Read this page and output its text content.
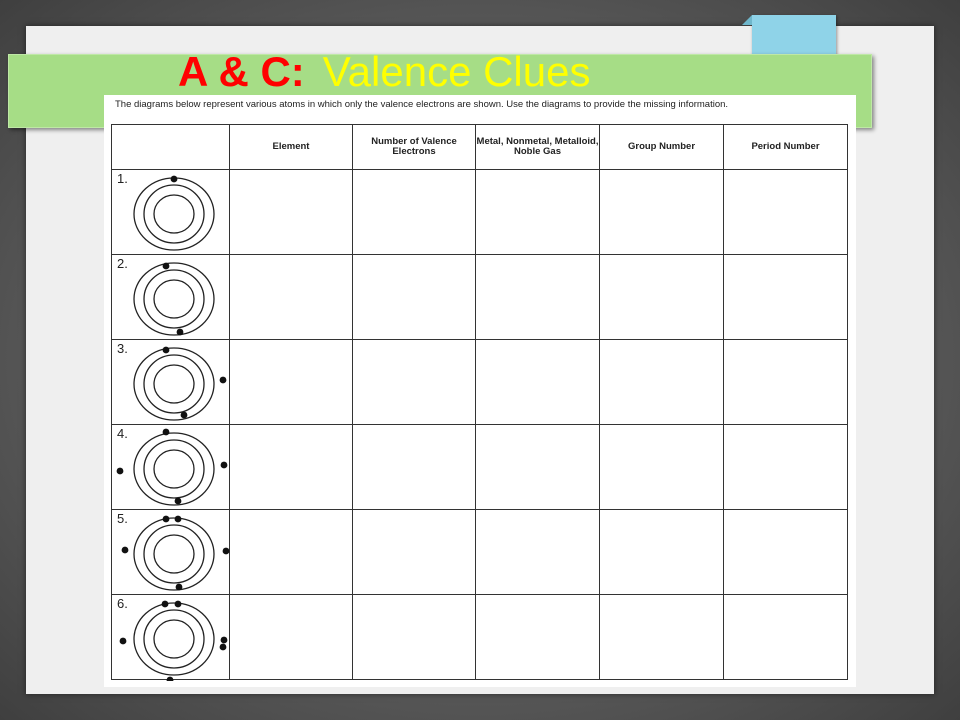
A & C: Valence Clues
The diagrams below represent various atoms in which only the valence electrons are shown. Use the diagrams to provide the missing information.
	Element	Number of Valence Electrons	Metal, Nonmetal, Metalloid, Noble Gas	Group Number	Period Number

1.					

2.					

3.					

4.					

5.					

6.					
